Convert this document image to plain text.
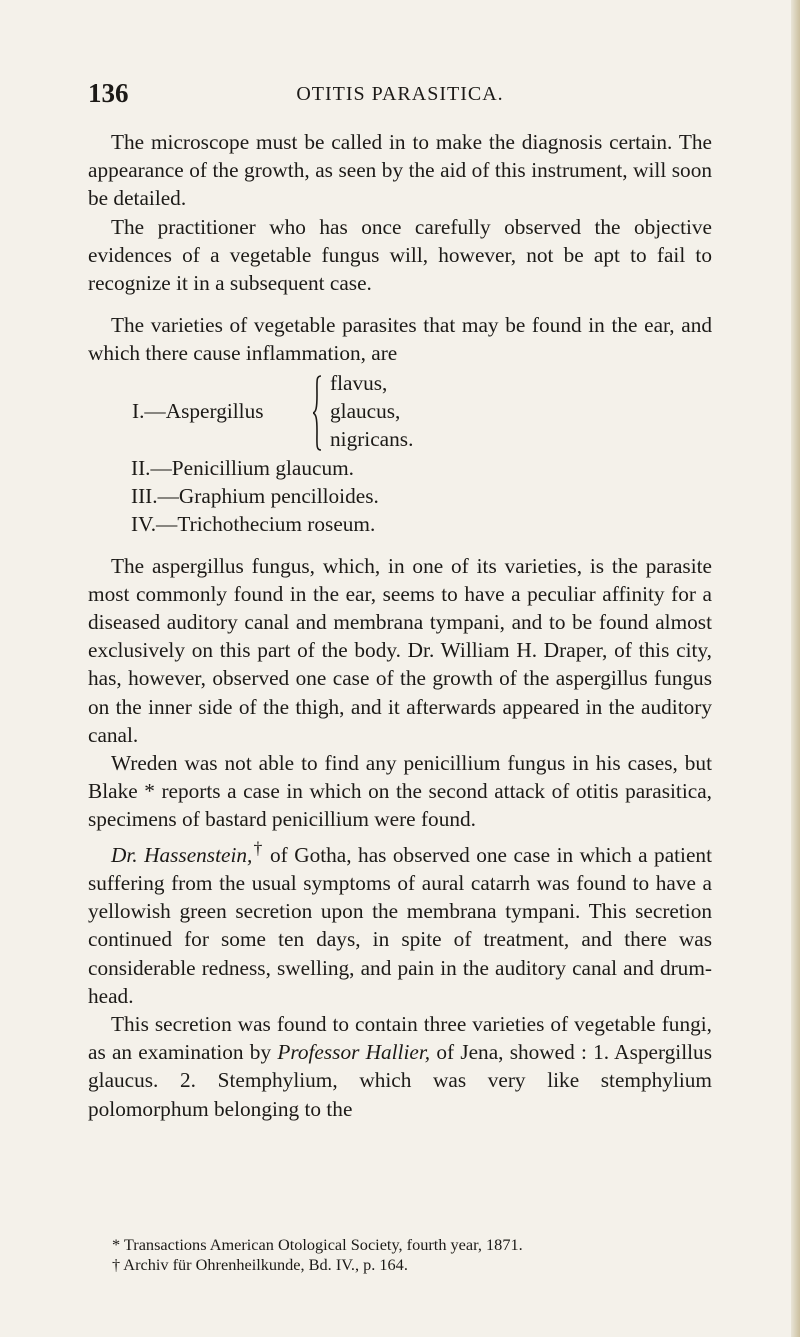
136	OTITIS PARASITICA.

The microscope must be called in to make the diagnosis certain. The appearance of the growth, as seen by the aid of this instrument, will soon be detailed.

The practitioner who has once carefully observed the objective evidences of a vegetable fungus will, however, not be apt to fail to recognize it in a subsequent case.

The varieties of vegetable parasites that may be found in the ear, and which there cause inflammation, are

I.—Aspergillus
flavus,
glaucus,
nigricans.
II.—Penicillium glaucum.
III.—Graphium pencilloides.
IV.—Trichothecium roseum.

The aspergillus fungus, which, in one of its varieties, is the parasite most commonly found in the ear, seems to have a peculiar affinity for a diseased auditory canal and membrana tympani, and to be found almost exclusively on this part of the body. Dr. William H. Draper, of this city, has, however, observed one case of the growth of the aspergillus fungus on the inner side of the thigh, and it afterwards appeared in the auditory canal.

Wreden was not able to find any penicillium fungus in his cases, but Blake * reports a case in which on the second attack of otitis parasitica, specimens of bastard penicillium were found.

Dr. Hassenstein,† of Gotha, has observed one case in which a patient suffering from the usual symptoms of aural catarrh was found to have a yellowish green secretion upon the membrana tympani. This secretion continued for some ten days, in spite of treatment, and there was considerable redness, swelling, and pain in the auditory canal and drum-head.

This secretion was found to contain three varieties of vegetable fungi, as an examination by Professor Hallier, of Jena, showed : 1. Aspergillus glaucus. 2. Stemphylium, which was very like stemphylium polomorphum belonging to the

* Transactions American Otological Society, fourth year, 1871.
† Archiv für Ohrenheilkunde, Bd. IV., p. 164.
